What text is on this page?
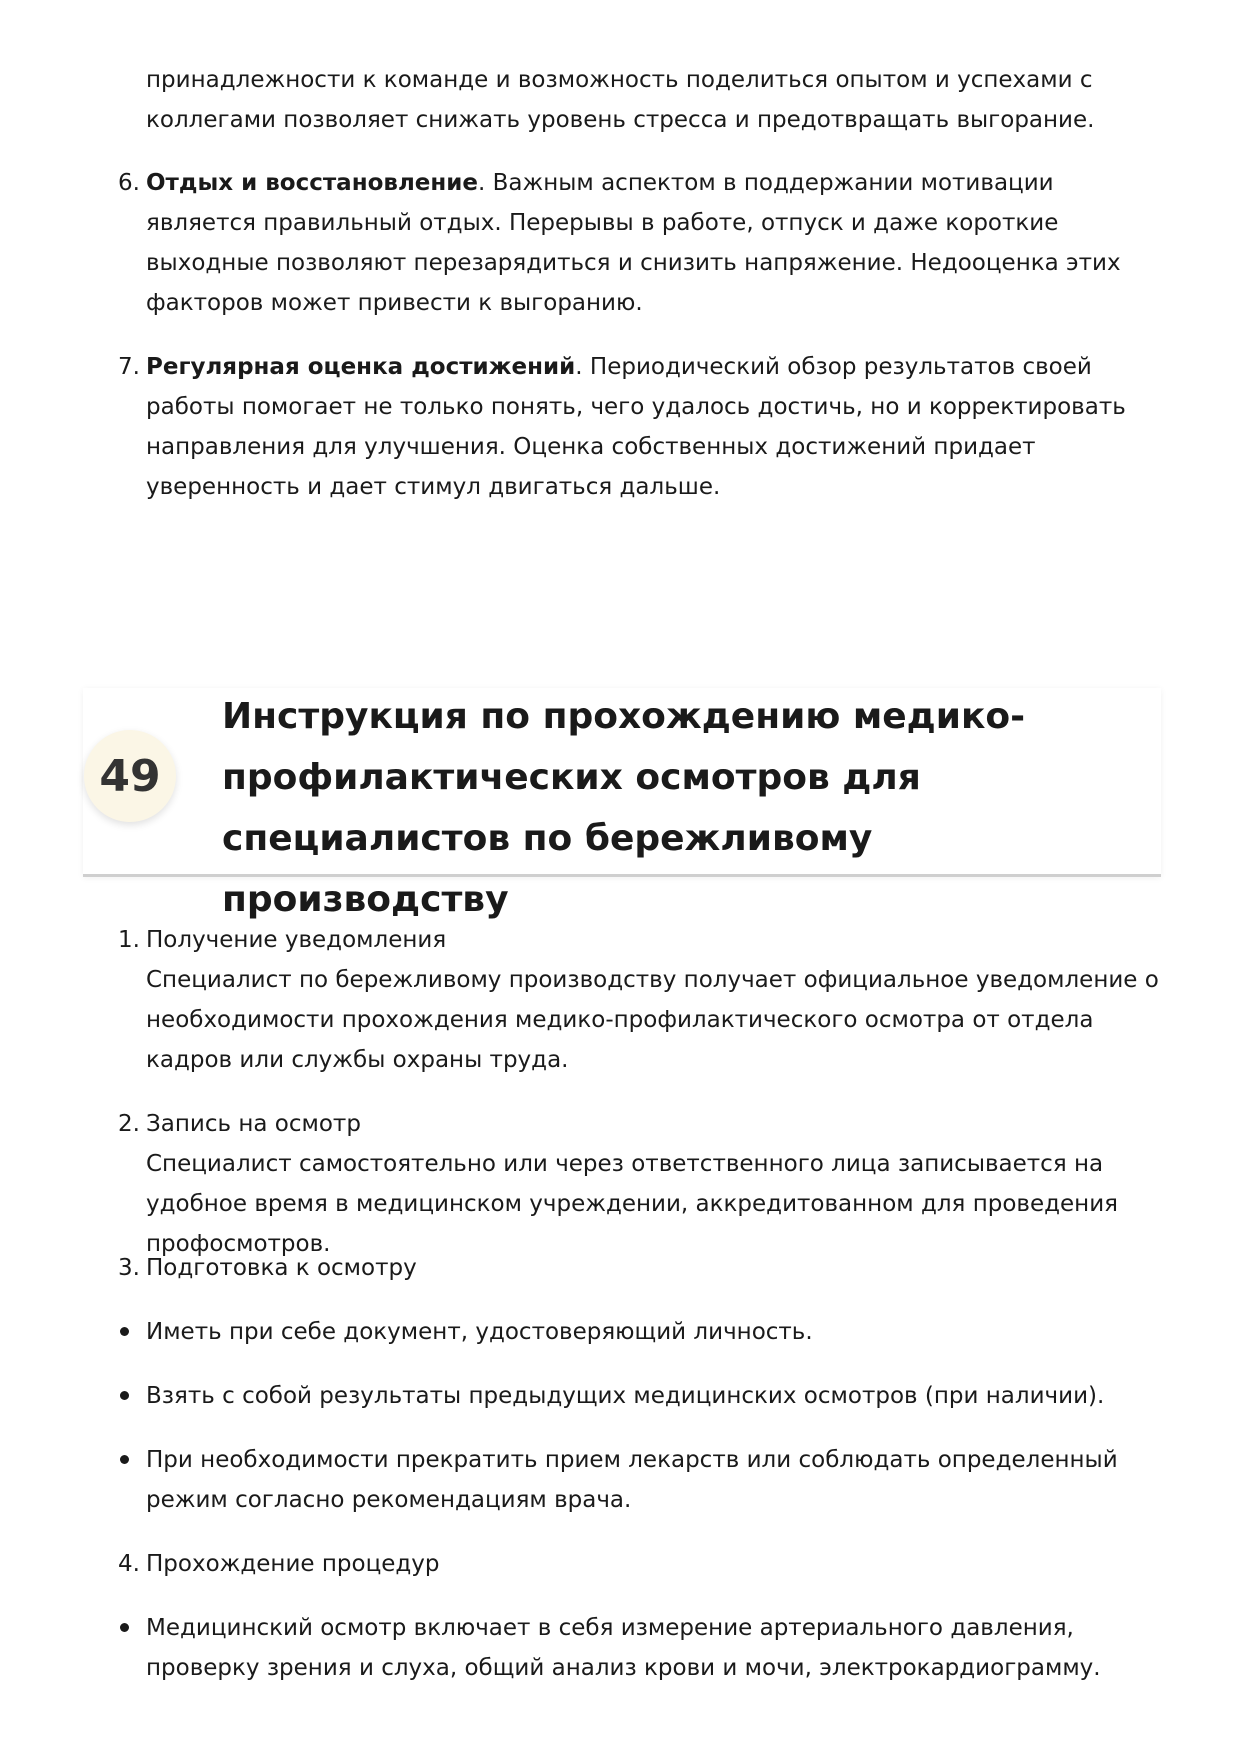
принадлежности к команде и возможность поделиться опытом и успехами с коллегами позволяет снижать уровень стресса и предотвращать выгорание.
6. Отдых и восстановление. Важным аспектом в поддержании мотивации является правильный отдых. Перерывы в работе, отпуск и даже короткие выходные позволяют перезарядиться и снизить напряжение. Недооценка этих факторов может привести к выгоранию.
7. Регулярная оценка достижений. Периодический обзор результатов своей работы помогает не только понять, чего удалось достичь, но и корректировать направления для улучшения. Оценка собственных достижений придает уверенность и дает стимул двигаться дальше.
49
Инструкция по прохождению медико-профилактических осмотров для специалистов по бережливому производству
1. Получение уведомления
Специалист по бережливому производству получает официальное уведомление о необходимости прохождения медико-профилактического осмотра от отдела кадров или службы охраны труда.
2. Запись на осмотр
Специалист самостоятельно или через ответственного лица записывается на удобное время в медицинском учреждении, аккредитованном для проведения профосмотров.
3. Подготовка к осмотру
Иметь при себе документ, удостоверяющий личность.
Взять с собой результаты предыдущих медицинских осмотров (при наличии).
При необходимости прекратить прием лекарств или соблюдать определенный режим согласно рекомендациям врача.
4. Прохождение процедур
Медицинский осмотр включает в себя измерение артериального давления, проверку зрения и слуха, общий анализ крови и мочи, электрокардиограмму.
